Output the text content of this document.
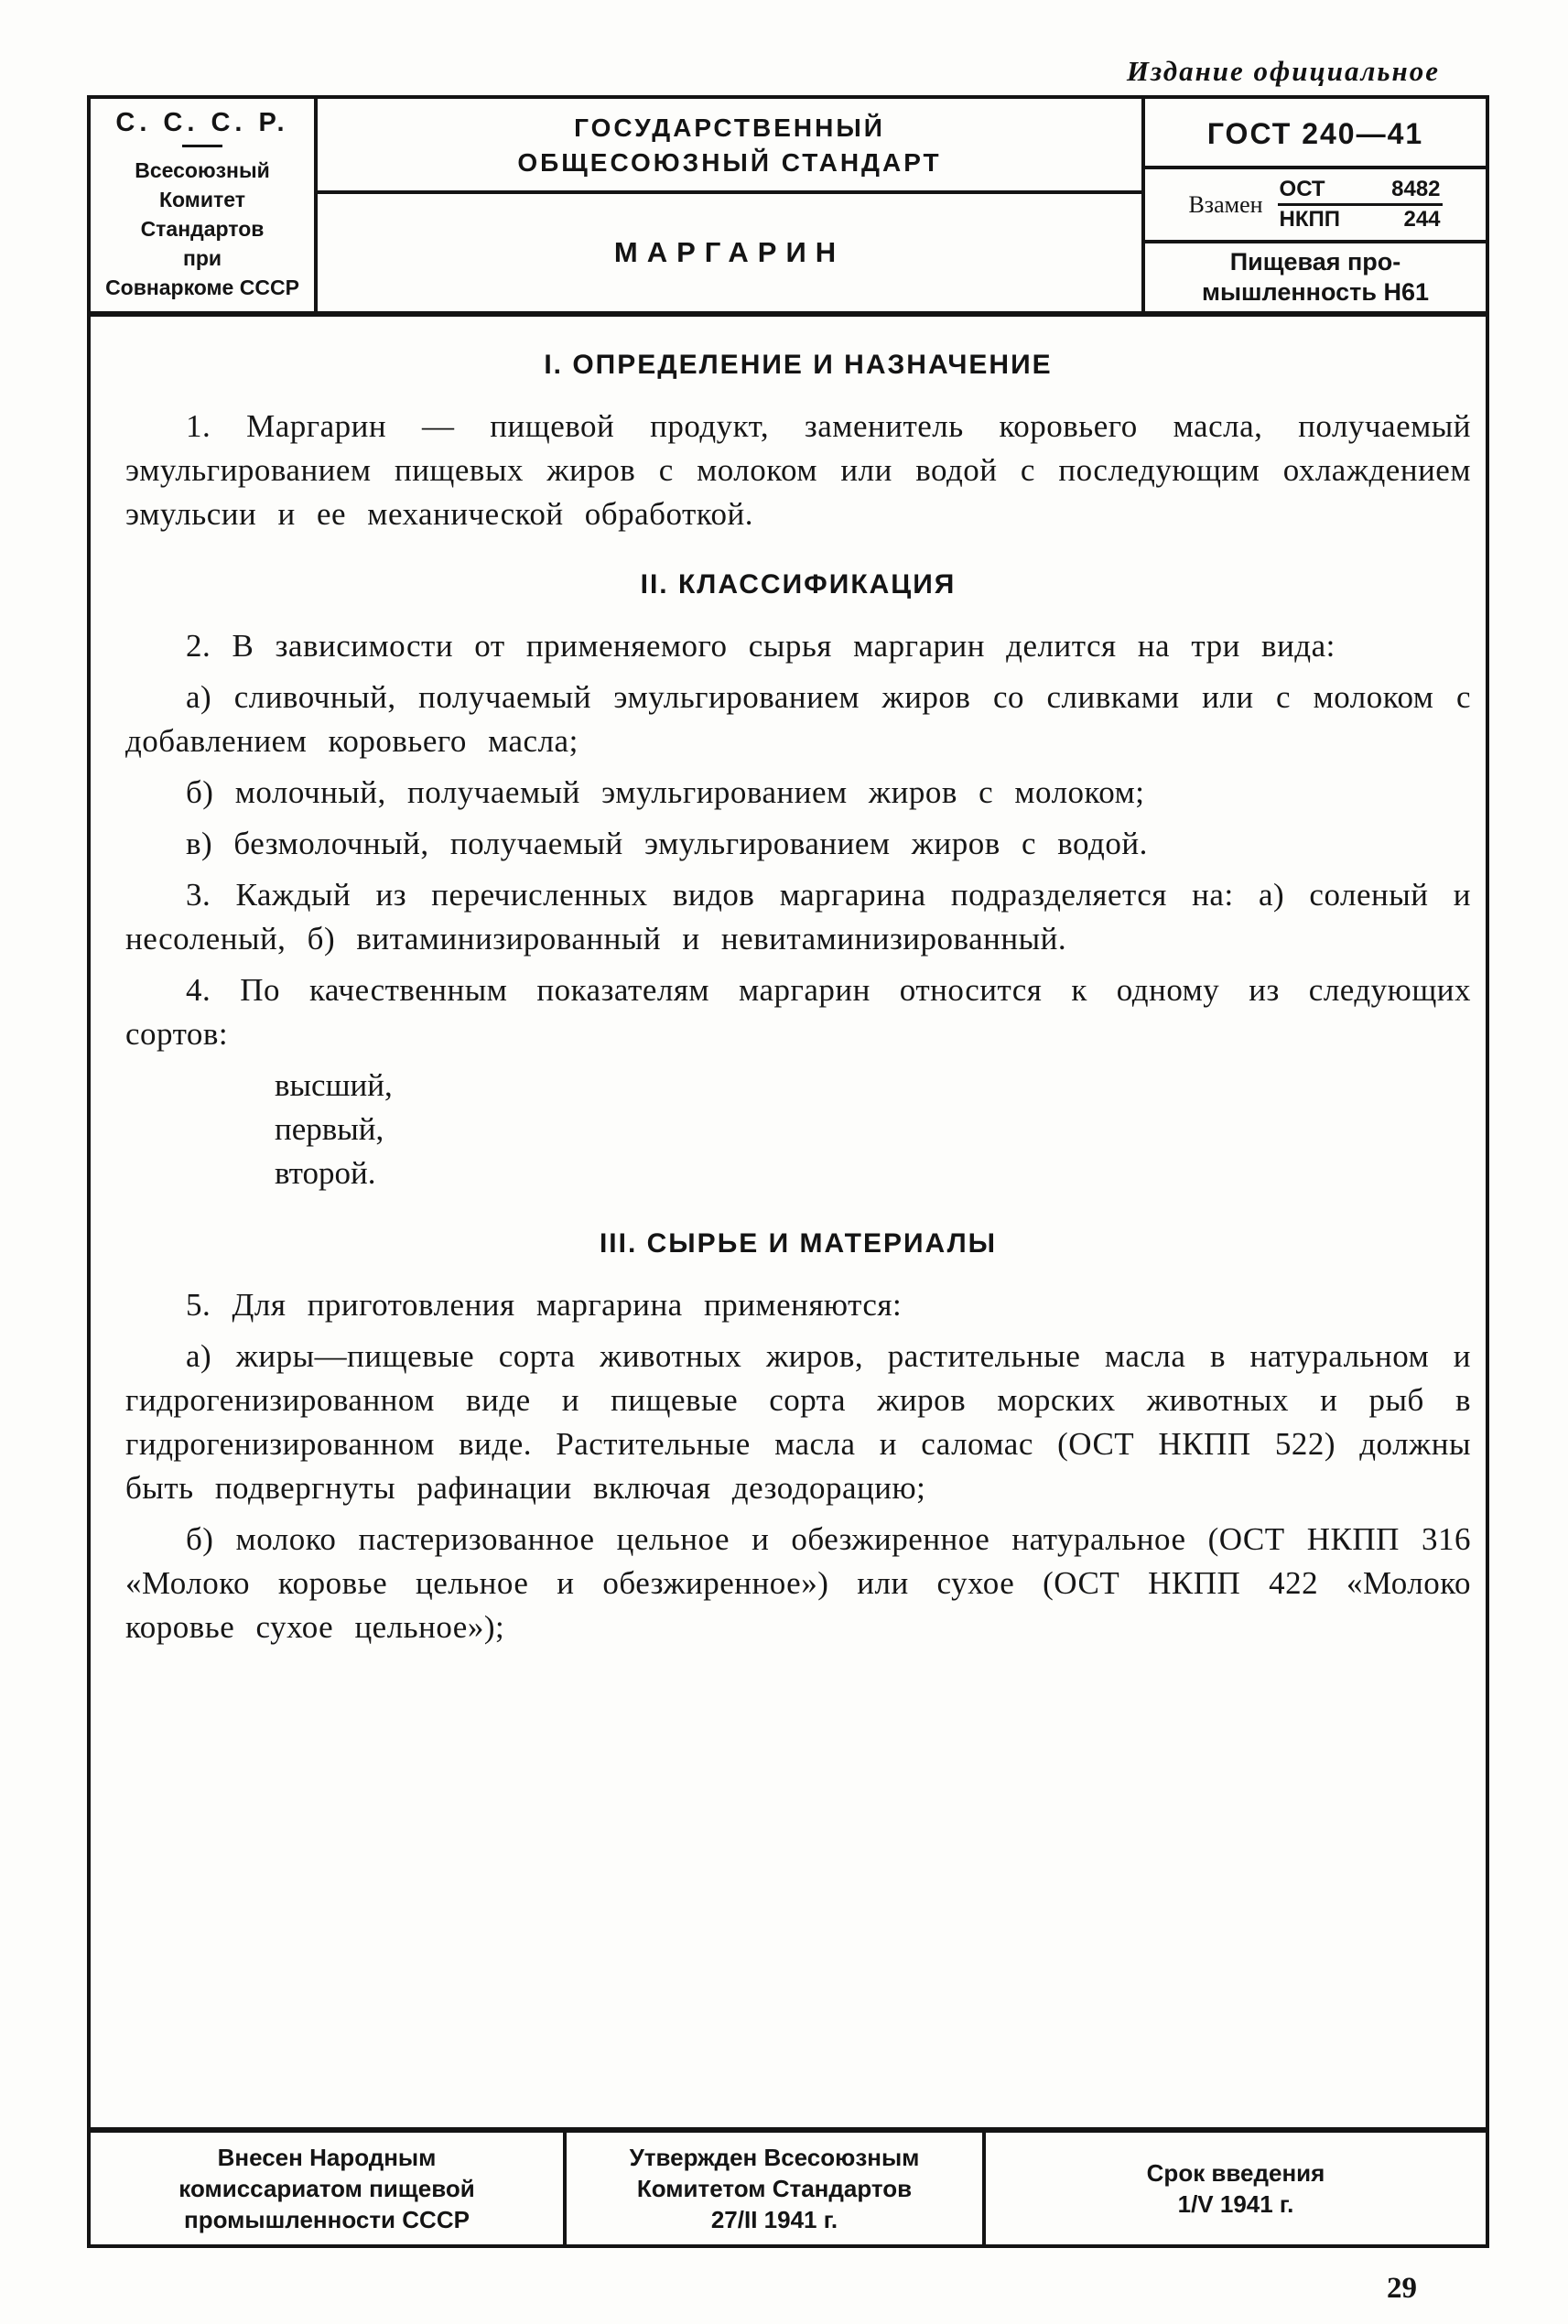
Издание официальное
С. С. С. Р.
Всесоюзный
Комитет Стандартов
при
Совнаркоме СССР
ГОСУДАРСТВЕННЫЙ
ОБЩЕСОЮЗНЫЙ СТАНДАРТ
МАРГАРИН
ГОСТ 240—41
Взамен ОСТ	8482
НКПП	244
Пищевая про-
мышленность Н61
I. ОПРЕДЕЛЕНИЕ И НАЗНАЧЕНИЕ

1. Маргарин — пищевой продукт, заменитель коровьего масла, получаемый эмульгированием пищевых жиров с молоком или водой с последующим охлаждением эмульсии и ее механической обработкой.

II. КЛАССИФИКАЦИЯ

2. В зависимости от применяемого сырья маргарин делится на три вида:

а) сливочный, получаемый эмульгированием жиров со сливками или с молоком с добавлением коровьего масла;

б) молочный, получаемый эмульгированием жиров с молоком;

в) безмолочный, получаемый эмульгированием жиров с водой.

3. Каждый из перечисленных видов маргарина подразделяется на: а) соленый и несоленый, б) витаминизированный и невитаминизированный.

4. По качественным показателям маргарин относится к одному из следующих сортов:

высший,
первый,
второй.
III. СЫРЬЕ И МАТЕРИАЛЫ

5. Для приготовления маргарина применяются:

а) жиры—пищевые сорта животных жиров, растительные масла в натуральном и гидрогенизированном виде и пищевые сорта жиров морских животных и рыб в гидрогенизированном виде. Растительные масла и саломас (ОСТ НКПП 522) должны быть подвергнуты рафинации включая дезодорацию;

б) молоко пастеризованное цельное и обезжиренное натуральное (ОСТ НКПП 316 «Молоко коровье цельное и обезжиренное») или сухое (ОСТ НКПП 422 «Молоко коровье сухое цельное»);

Внесен Народным
комиссариатом пищевой
промышленности СССР
Утвержден Всесоюзным
Комитетом Стандартов
27/II 1941 г.
Срок введения
1/V 1941 г.
29
